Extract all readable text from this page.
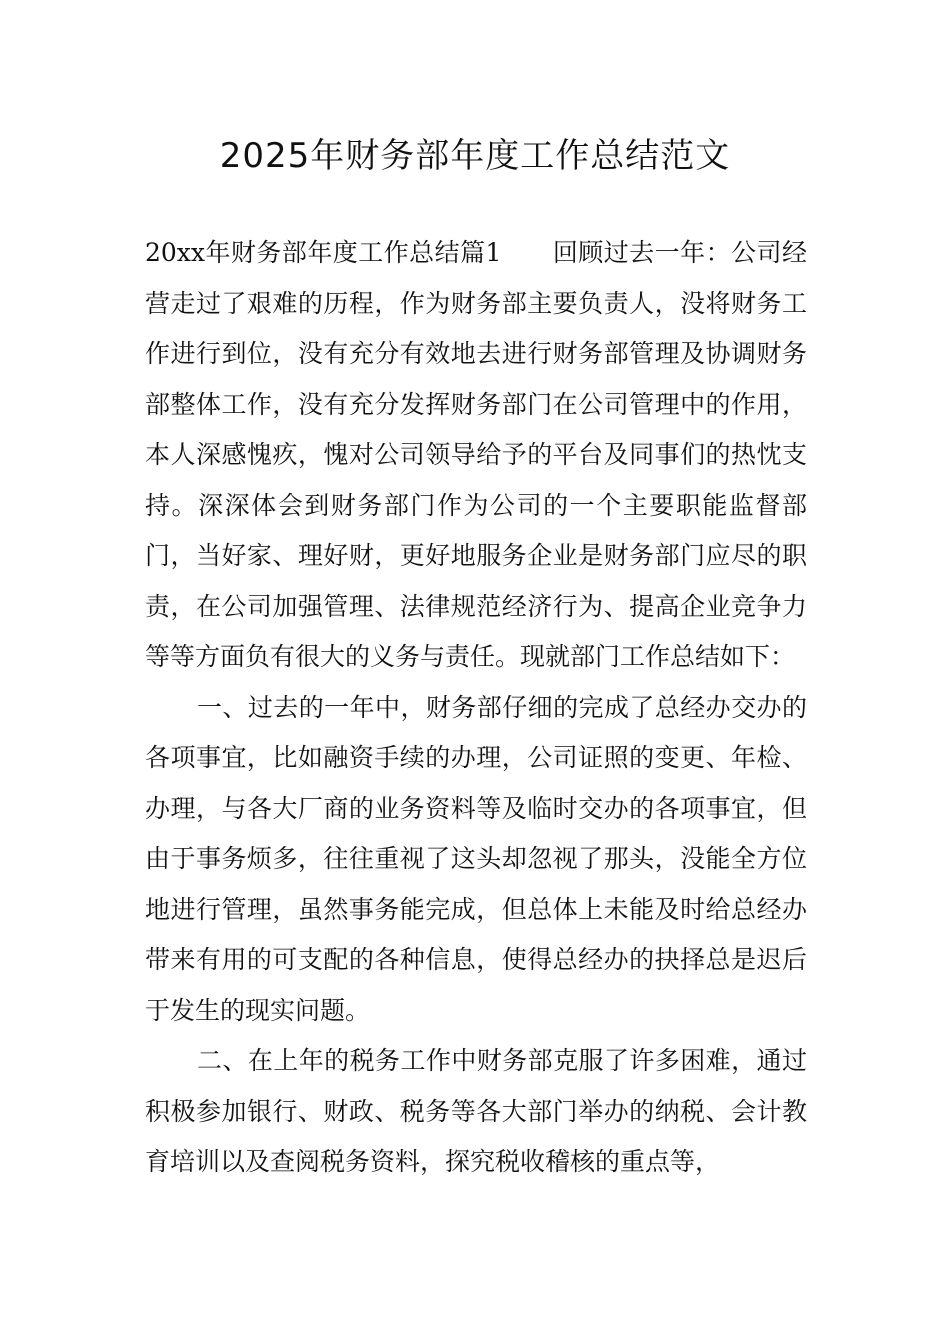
2025年财务部年度工作总结范文

20xx年财务部年度工作总结篇1　　回顾过去一年：公司经营走过了艰难的历程，作为财务部主要负责人，没将财务工作进行到位，没有充分有效地去进行财务部管理及协调财务部整体工作，没有充分发挥财务部门在公司管理中的作用，本人深感愧疚，愧对公司领导给予的平台及同事们的热忱支持。深深体会到财务部门作为公司的一个主要职能监督部门，当好家、理好财，更好地服务企业是财务部门应尽的职责，在公司加强管理、法律规范经济行为、提高企业竞争力等等方面负有很大的义务与责任。现就部门工作总结如下：

一、过去的一年中，财务部仔细的完成了总经办交办的各项事宜，比如融资手续的办理，公司证照的变更、年检、办理，与各大厂商的业务资料等及临时交办的各项事宜，但由于事务烦多，往往重视了这头却忽视了那头，没能全方位地进行管理，虽然事务能完成，但总体上未能及时给总经办带来有用的可支配的各种信息，使得总经办的抉择总是迟后于发生的现实问题。

二、在上年的税务工作中财务部克服了许多困难，通过积极参加银行、财政、税务等各大部门举办的纳税、会计教育培训以及查阅税务资料，探究税收稽核的重点等，
